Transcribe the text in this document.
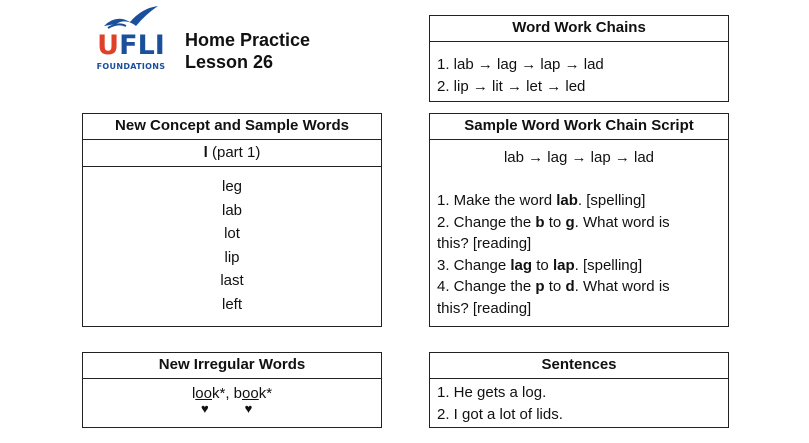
U F L I
FOUNDATIONS
Home Practice
Lesson 26
New Concept and Sample Words
l (part 1)
leg
lab
lot
lip
last
left
Word Work Chains
1. lab → lag → lap → lad
2. lip → lit → let → led
Sample Word Work Chain Script
lab → lag → lap → lad
1. Make the word lab. [spelling]
2. Change the b to g. What word is
this? [reading]
3. Change lag to lap. [spelling]
4. Change the p to d. What word is
this? [reading]
New Irregular Words
look*
♥
, book*
♥
Sentences
1. He gets a log.
2. I got a lot of lids.
